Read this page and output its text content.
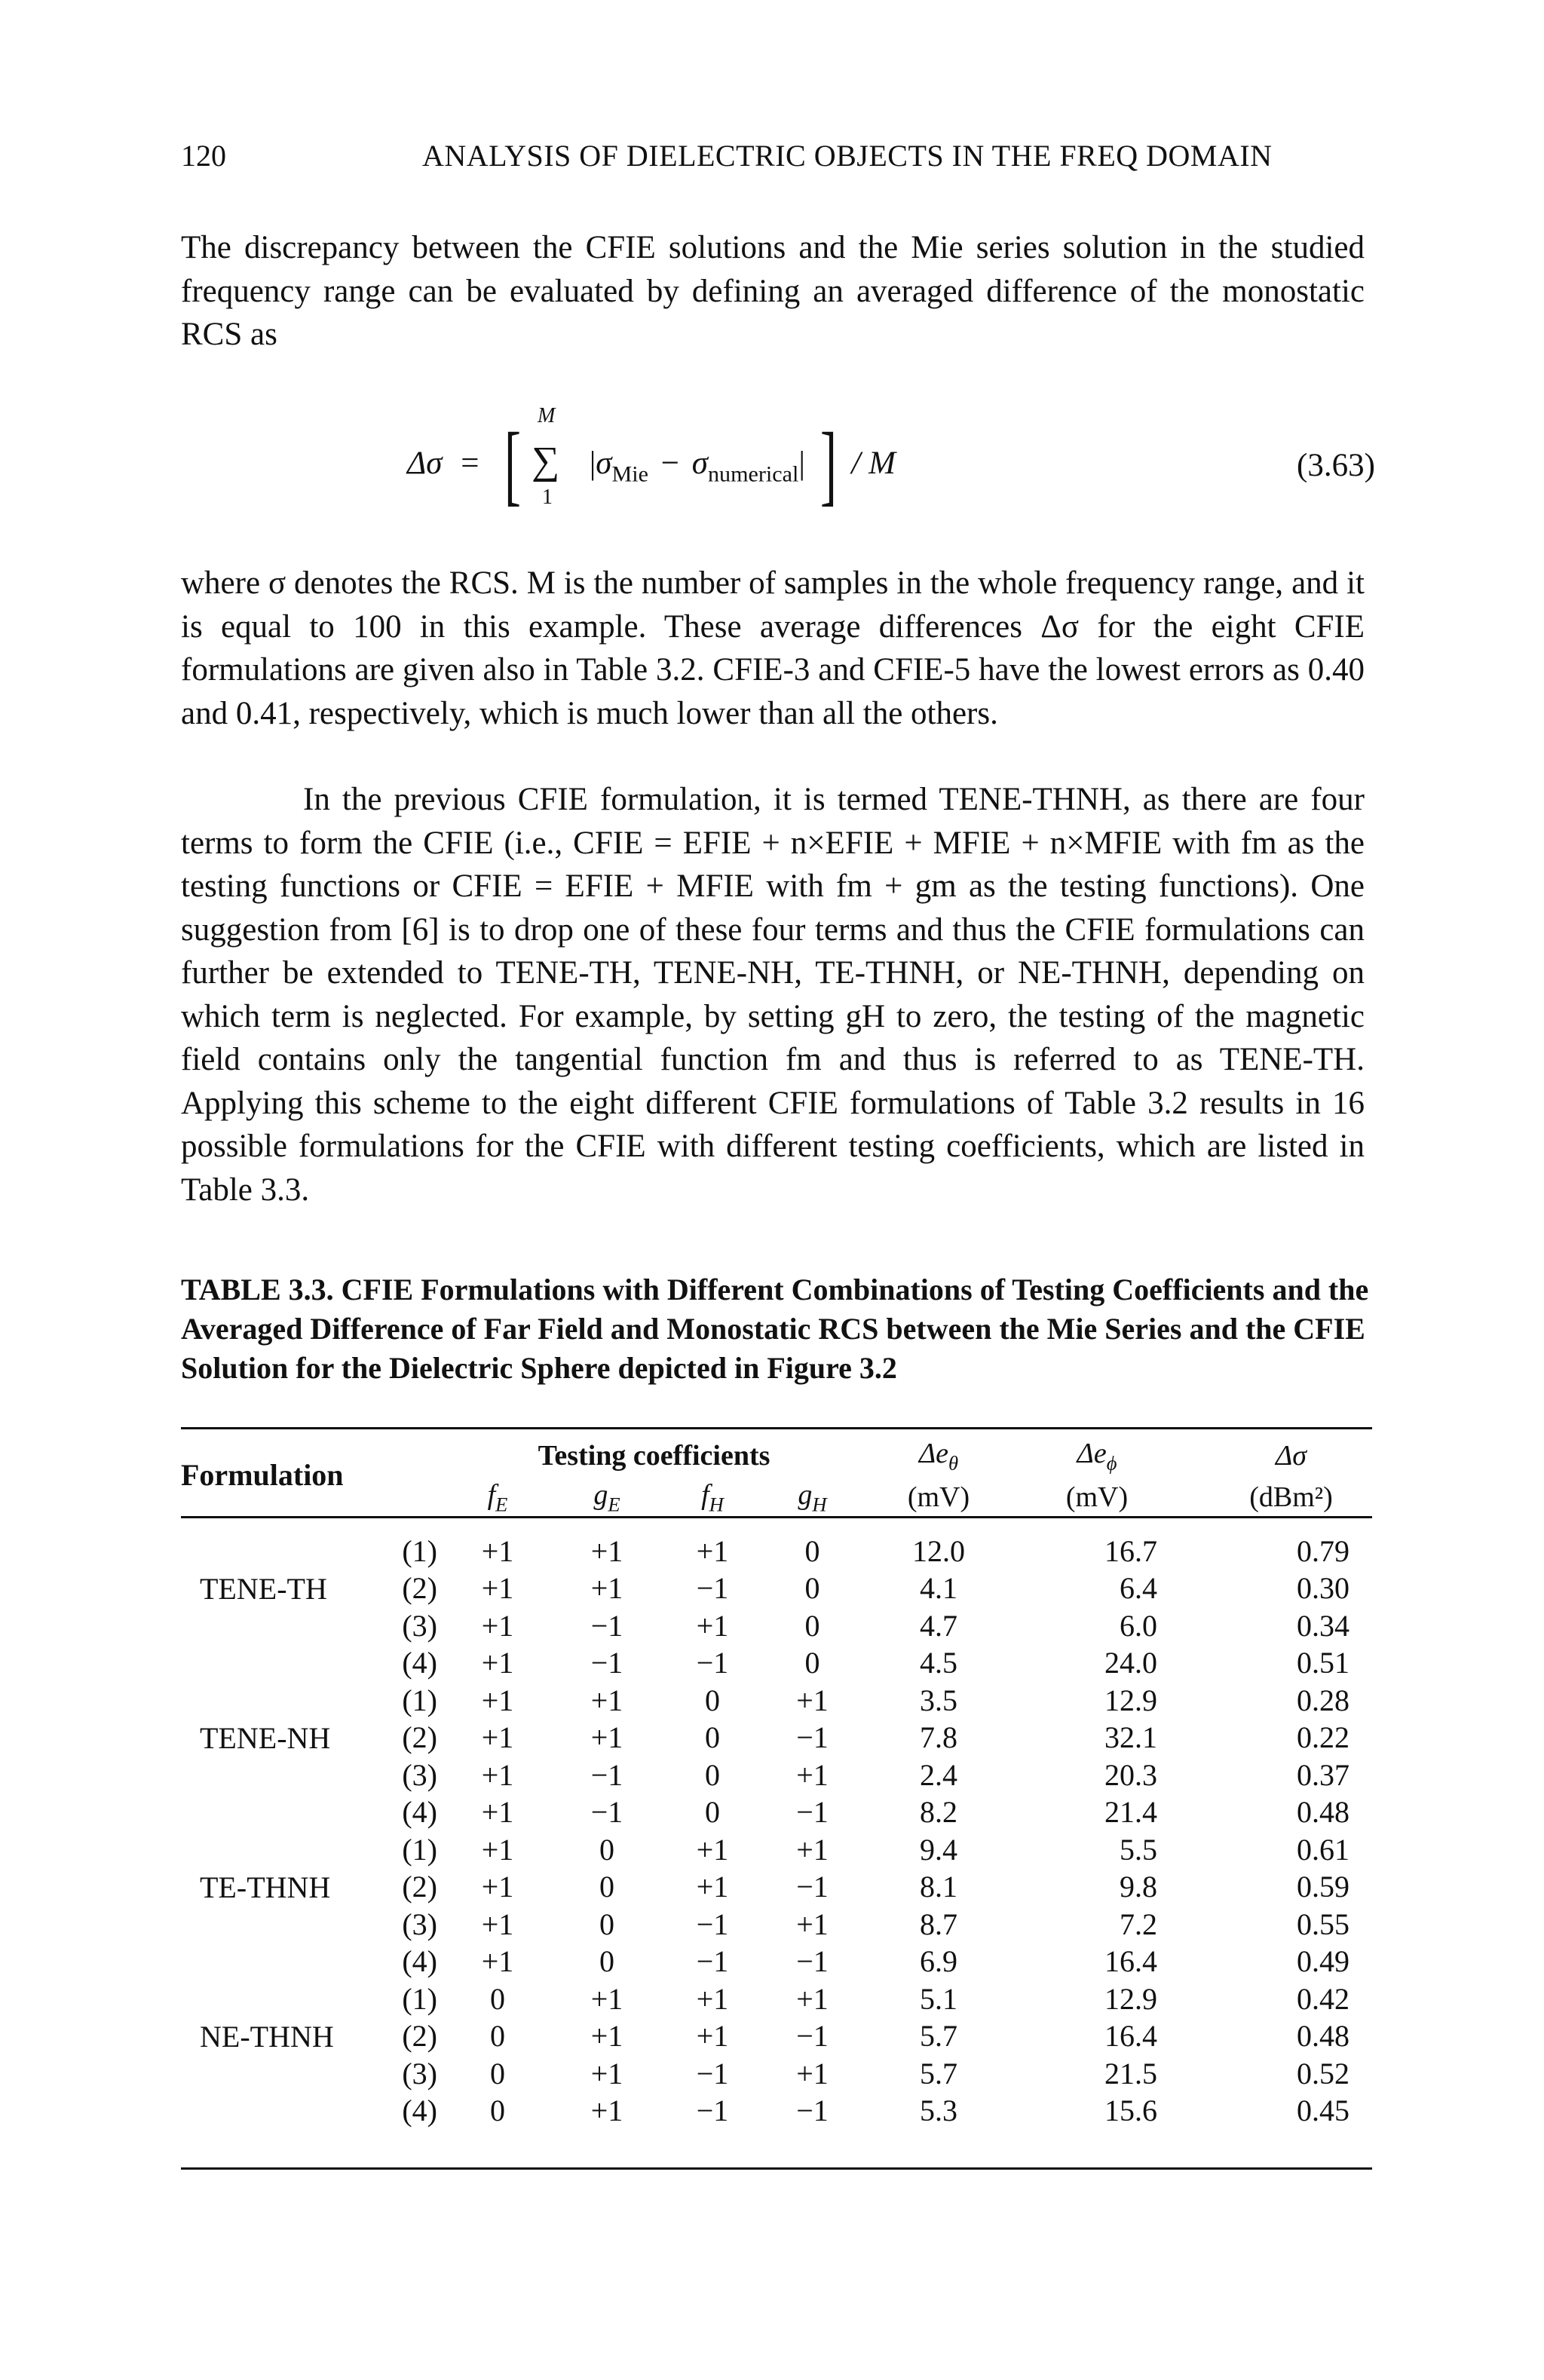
120	ANALYSIS OF DIELECTRIC OBJECTS IN THE FREQ DOMAIN

The discrepancy between the CFIE solutions and the Mie series solution in the studied frequency range can be evaluated by defining an averaged difference of the monostatic RCS as

Δσ = [ M
∑
1
$|\sigma_{Mie} - \sigma_{numerical}|$ ] / M	(3.63)

where σ denotes the RCS. M is the number of samples in the whole frequency range, and it is equal to 100 in this example. These average differences Δσ for the eight CFIE formulations are given also in Table 3.2. CFIE-3 and CFIE-5 have the lowest errors as 0.40 and 0.41, respectively, which is much lower than all the others.

In the previous CFIE formulation, it is termed TENE-THNH, as there are four terms to form the CFIE (i.e., CFIE = EFIE + n×EFIE + MFIE + n×MFIE with fm as the testing functions or CFIE = EFIE + MFIE with fm + gm as the testing functions). One suggestion from [6] is to drop one of these four terms and thus the CFIE formulations can further be extended to TENE-TH, TENE-NH, TE-THNH, or NE-THNH, depending on which term is neglected. For example, by setting gH to zero, the testing of the magnetic field contains only the tangential function fm and thus is referred to as TENE-TH. Applying this scheme to the eight different CFIE formulations of Table 3.2 results in 16 possible formulations for the CFIE with different testing coefficients, which are listed in Table 3.3.

TABLE 3.3. CFIE Formulations with Different Combinations of Testing Coefficients and the Averaged Difference of Far Field and Monostatic RCS between the Mie Series and the CFIE Solution for the Dielectric Sphere depicted in Figure 3.2
Formulation		Testing coefficients				$\Delta e_\theta$	$\Delta e_\phi$	Δσ
		$f_E$	$g_E$	$f_H$	$g_H$	(mV)	(mV)	(dBm²)
	(1)	+1	+1	+1	0	12.0	16.7	0.79
TENE-TH	(2)	+1	+1	−1	0	4.1	6.4	0.30
	(3)	+1	−1	+1	0	4.7	6.0	0.34
	(4)	+1	−1	−1	0	4.5	24.0	0.51
	(1)	+1	+1	0	+1	3.5	12.9	0.28
TENE-NH	(2)	+1	+1	0	−1	7.8	32.1	0.22
	(3)	+1	−1	0	+1	2.4	20.3	0.37
	(4)	+1	−1	0	−1	8.2	21.4	0.48
	(1)	+1	0	+1	+1	9.4	5.5	0.61
TE-THNH	(2)	+1	0	+1	−1	8.1	9.8	0.59
	(3)	+1	0	−1	+1	8.7	7.2	0.55
	(4)	+1	0	−1	−1	6.9	16.4	0.49
	(1)	0	+1	+1	+1	5.1	12.9	0.42
NE-THNH	(2)	0	+1	+1	−1	5.7	16.4	0.48
	(3)	0	+1	−1	+1	5.7	21.5	0.52
	(4)	0	+1	−1	−1	5.3	15.6	0.45
